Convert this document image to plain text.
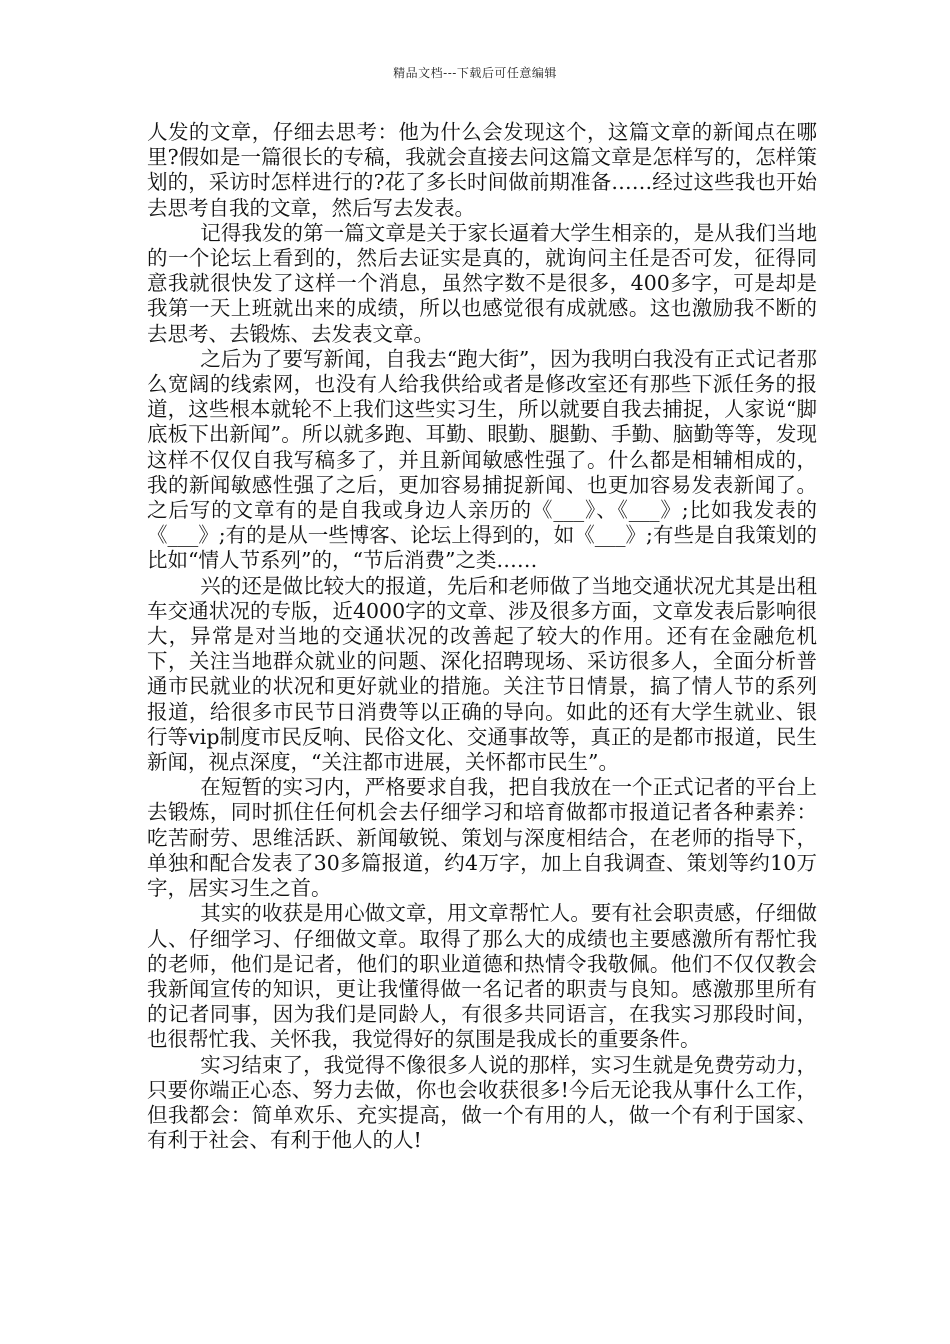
精品文档---下载后可任意编辑

人发的文章，仔细去思考：他为什么会发现这个，这篇文章的新闻点在哪里?假如是一篇很长的专稿，我就会直接去问这篇文章是怎样写的，怎样策划的，采访时怎样进行的?花了多长时间做前期准备……经过这些我也开始去思考自我的文章，然后写去发表。

记得我发的第一篇文章是关于家长逼着大学生相亲的，是从我们当地的一个论坛上看到的，然后去证实是真的，就询问主任是否可发，征得同意我就很快发了这样一个消息，虽然字数不是很多，400多字，可是却是我第一天上班就出来的成绩，所以也感觉很有成就感。这也激励我不断的去思考、去锻炼、去发表文章。

之后为了要写新闻，自我去“跑大街”，因为我明白我没有正式记者那么宽阔的线索网，也没有人给我供给或者是修改室还有那些下派任务的报道，这些根本就轮不上我们这些实习生，所以就要自我去捕捉，人家说“脚底板下出新闻”。所以就多跑、耳勤、眼勤、腿勤、手勤、脑勤等等，发现这样不仅仅自我写稿多了，并且新闻敏感性强了。什么都是相辅相成的，我的新闻敏感性强了之后，更加容易捕捉新闻、也更加容易发表新闻了。之后写的文章有的是自我或身边人亲历的《___》、《___》;比如我发表的《___》;有的是从一些博客、论坛上得到的，如《___》;有些是自我策划的比如“情人节系列”的，“节后消费”之类……

兴的还是做比较大的报道，先后和老师做了当地交通状况尤其是出租车交通状况的专版，近4000字的文章、涉及很多方面，文章发表后影响很大，异常是对当地的交通状况的改善起了较大的作用。还有在金融危机下，关注当地群众就业的问题、深化招聘现场、采访很多人，全面分析普通市民就业的状况和更好就业的措施。关注节日情景，搞了情人节的系列报道，给很多市民节日消费等以正确的导向。如此的还有大学生就业、银行等vip制度市民反响、民俗文化、交通事故等，真正的是都市报道，民生新闻，视点深度，“关注都市进展，关怀都市民生”。

在短暂的实习内，严格要求自我，把自我放在一个正式记者的平台上去锻炼，同时抓住任何机会去仔细学习和培育做都市报道记者各种素养：吃苦耐劳、思维活跃、新闻敏锐、策划与深度相结合，在老师的指导下，单独和配合发表了30多篇报道，约4万字，加上自我调查、策划等约10万字，居实习生之首。

其实的收获是用心做文章，用文章帮忙人。要有社会职责感，仔细做人、仔细学习、仔细做文章。取得了那么大的成绩也主要感激所有帮忙我的老师，他们是记者，他们的职业道德和热情令我敬佩。他们不仅仅教会我新闻宣传的知识，更让我懂得做一名记者的职责与良知。感激那里所有的记者同事，因为我们是同龄人，有很多共同语言，在我实习那段时间，也很帮忙我、关怀我，我觉得好的氛围是我成长的重要条件。

实习结束了，我觉得不像很多人说的那样，实习生就是免费劳动力，只要你端正心态、努力去做，你也会收获很多!今后无论我从事什么工作，但我都会：简单欢乐、充实提高，做一个有用的人，做一个有利于国家、有利于社会、有利于他人的人!
